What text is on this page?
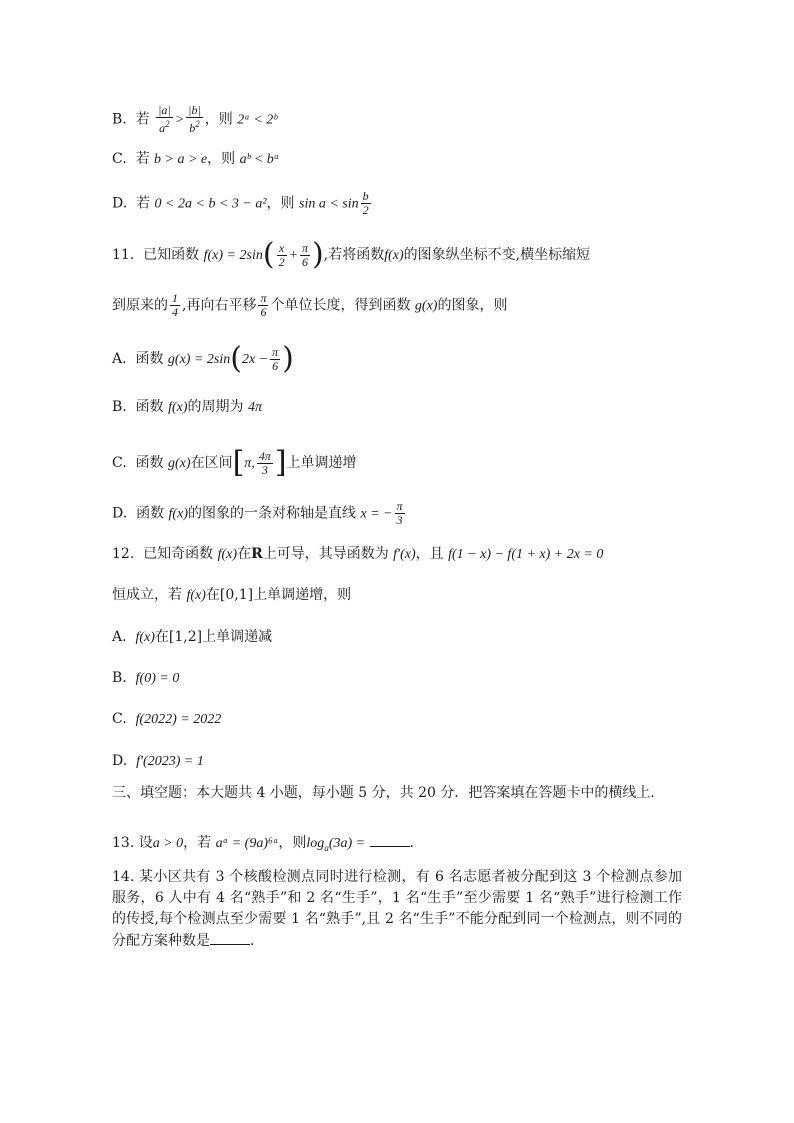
B. 若 $\frac{|a|}{a^2} > \frac{|b|}{b^2}$ ，则 2ᵃ < 2ᵇ
C. 若 b > a > e，则 aᵇ < bᵃ
D. 若 0 < 2a < b < 3 − a²，则 $\sin a < \sin \frac{b}{2}$
11. 已知函数 $f(x) = 2\sin( \frac{x}{2} + \frac{\pi}{6}$ ),若将函数f(x)的图象纵坐标不变,横坐标缩短
到原来的 $\frac{1}{4}$ ,再向右平移 $\frac{\pi}{6}$ 个单位长度，得到函数 g(x)的图象，则
A. 函数 $g(x) = 2\sin(2x - \frac{\pi}{6}$ )
B. 函数 f(x)的周期为 4π
C. 函数 g(x)在区间[π, $\frac{4\pi}{3}$ ]上单调递增
D. 函数 f(x)的图象的一条对称轴是直线 x = − $\frac{\pi}{3}$
12. 已知奇函数 f(x)在R上可导，其导函数为 f′(x)，且 f(1 − x) − f(1 + x) + 2x = 0
恒成立，若 f(x)在[0,1]上单调递增，则
A. f(x)在[1,2]上单调递减
B. f(0) = 0
C. f(2022) = 2022
D. f′(2023) = 1
三、填空题：本大题共 4 小题，每小题 5 分，共 20 分．把答案填在答题卡中的横线上．
13. 设a > 0，若 aᵃ = (9a)⁶ᵃ，则$\log_a(3a)$ =	.
14. 某小区共有 3 个核酸检测点同时进行检测，有 6 名志愿者被分配到这 3 个检测点参加服务，6 人中有 4 名“熟手”和 2 名“生手”，1 名“生手”至少需要 1 名“熟手”进行检测工作的传授,每个检测点至少需要 1 名“熟手”,且 2 名“生手”不能分配到同一个检测点，则不同的分配方案种数是	.
